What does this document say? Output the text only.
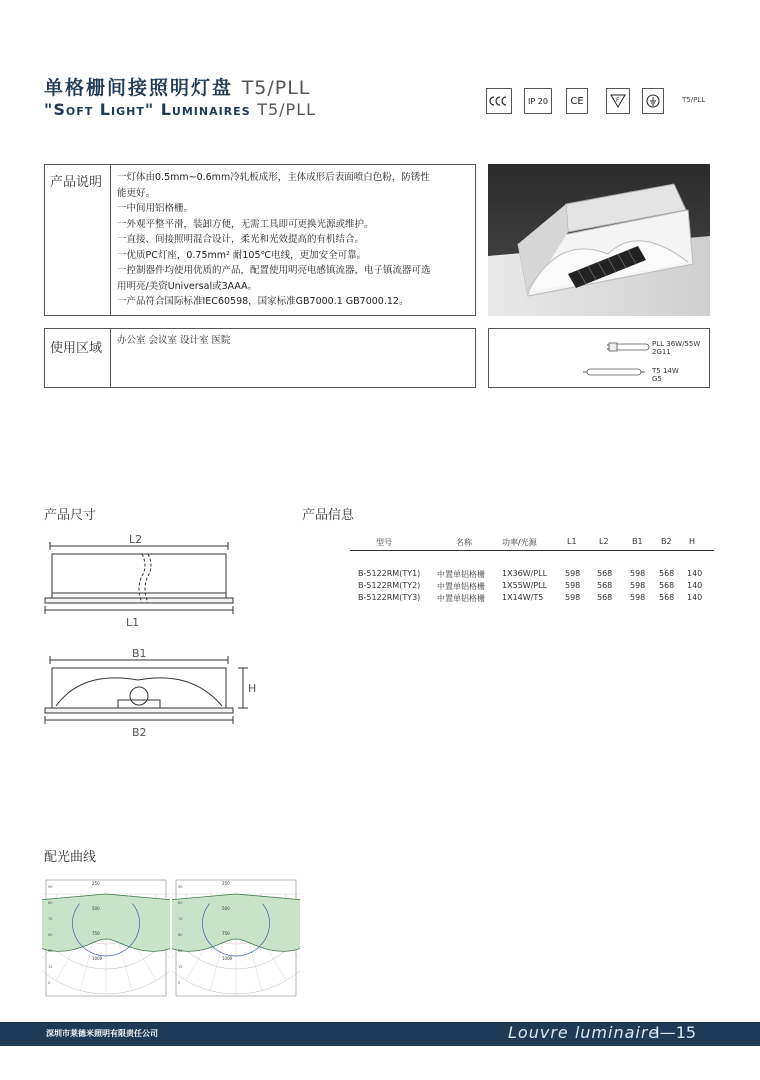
单格栅间接照明灯盘 T5/PLL
"Soft Light" Luminaires T5/PLL	IP 20 CE	F	T5/PLL
产品说明	一灯体由0.5mm~0.6mm冷轧板成形，主体成形后表面喷白色粉，防锈性
能更好。
一中间用铝格栅。
一外观平整平滑，装卸方便，无需工具即可更换光源或维护。
一直接、间接照明混合设计，柔光和光效提高的有机结合。
一优质PC灯座，0.75mm² 耐105℃电线，更加安全可靠。
一控制器件均使用优质的产品，配置使用明亮电感镇流器，电子镇流器可选
用明亮/美资Universal或3AAA。
一产品符合国际标准IEC60598，国家标准GB7000.1 GB7000.12。
使用区域
办公室 会议室 设计室 医院	PLL 36W/55W
2G11
T5 14W
G5
产品尺寸
L2
L1
B1
B2
H
产品信息
型号	名称	功率/光源	L1	L2	B1 B2 H
B-5122RM(TY1) 中置单铝格栅 1X36W/PLL 598 568 598 568 140
B-5122RM(TY2) 中置单铝格栅 1X55W/PLL 598 568 598 568 140
B-5122RM(TY3) 中置单铝格栅 1X14W/T5	598 568 598 568 140
配光曲线
1000
750
500
250
90
80
70
60
30
15
0
1000
750
500
250
90
80
70
60
30
15
0
深圳市莱德米照明有限责任公司	Louvre luminaire
I—15
